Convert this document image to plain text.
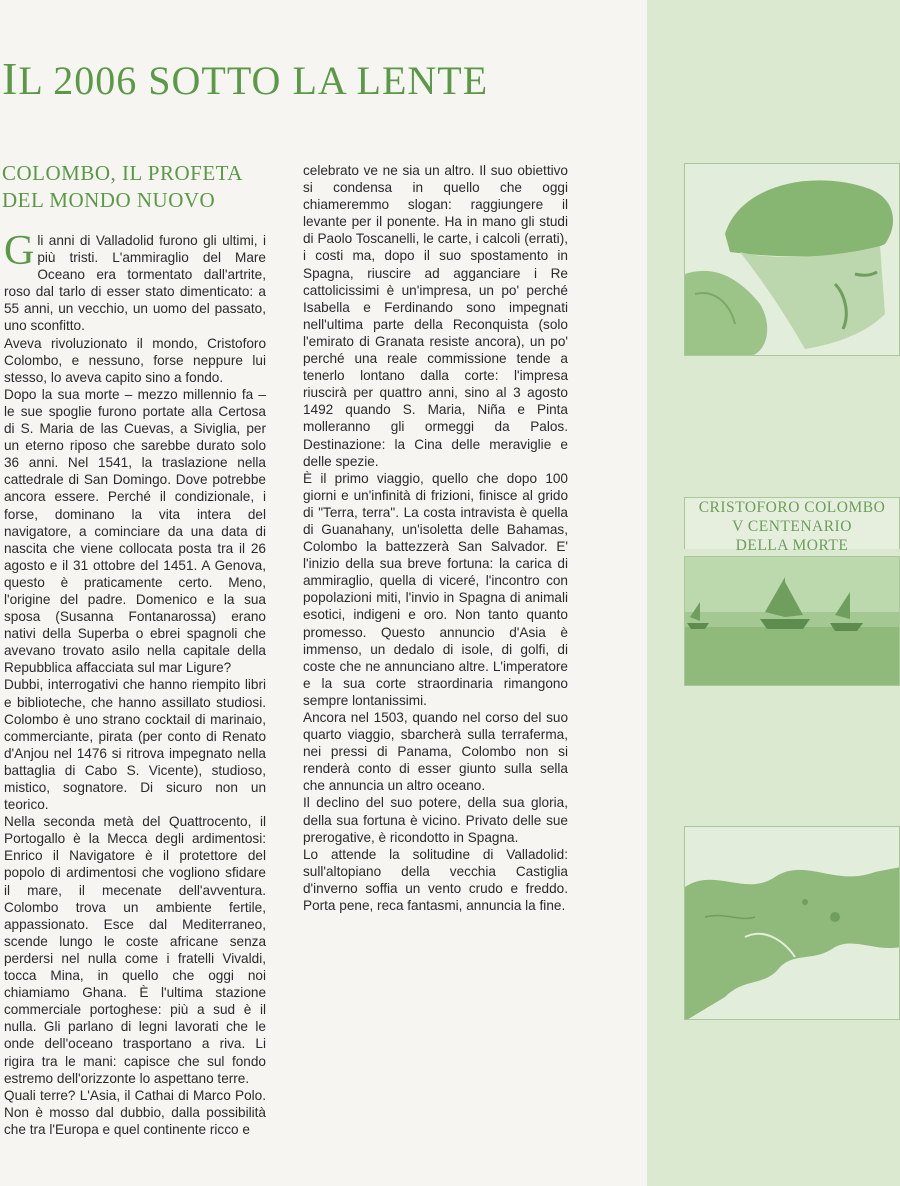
IL 2006 SOTTO LA LENTE
COLOMBO, IL PROFETA
DEL MONDO NUOVO

Gli anni di Valladolid furono gli ultimi, i più tristi. L'ammiraglio del Mare Oceano era tormentato dall'artrite, roso dal tarlo di esser stato dimenticato: a 55 anni, un vecchio, un uomo del passato, uno sconfitto.

Aveva rivoluzionato il mondo, Cristoforo Colombo, e nessuno, forse neppure lui stesso, lo aveva capito sino a fondo.

Dopo la sua morte – mezzo millennio fa – le sue spoglie furono portate alla Certosa di S. Maria de las Cuevas, a Siviglia, per un eterno riposo che sarebbe durato solo 36 anni. Nel 1541, la traslazione nella cattedrale di San Domingo. Dove potrebbe ancora essere. Perché il condizionale, i forse, dominano la vita intera del navigatore, a cominciare da una data di nascita che viene collocata posta tra il 26 agosto e il 31 ottobre del 1451. A Genova, questo è praticamente certo. Meno, l'origine del padre. Domenico e la sua sposa (Susanna Fontanarossa) erano nativi della Superba o ebrei spagnoli che avevano trovato asilo nella capitale della Repubblica affacciata sul mar Ligure?

Dubbi, interrogativi che hanno riempito libri e biblioteche, che hanno assillato studiosi. Colombo è uno strano cocktail di marinaio, commerciante, pirata (per conto di Renato d'Anjou nel 1476 si ritrova impegnato nella battaglia di Cabo S. Vicente), studioso, mistico, sognatore. Di sicuro non un teorico.

Nella seconda metà del Quattrocento, il Portogallo è la Mecca degli ardimentosi: Enrico il Navigatore è il protettore del popolo di ardimentosi che vogliono sfidare il mare, il mecenate dell'avventura. Colombo trova un ambiente fertile, appassionato. Esce dal Mediterraneo, scende lungo le coste africane senza perdersi nel nulla come i fratelli Vivaldi, tocca Mina, in quello che oggi noi chiamiamo Ghana. È l'ultima stazione commerciale portoghese: più a sud è il nulla. Gli parlano di legni lavorati che le onde dell'oceano trasportano a riva. Li rigira tra le mani: capisce che sul fondo estremo dell'orizzonte lo aspettano terre.

Quali terre? L'Asia, il Cathai di Marco Polo. Non è mosso dal dubbio, dalla possibilità che tra l'Europa e quel continente ricco e

celebrato ve ne sia un altro. Il suo obiettivo si condensa in quello che oggi chiameremmo slogan: raggiungere il levante per il ponente. Ha in mano gli studi di Paolo Toscanelli, le carte, i calcoli (errati), i costi ma, dopo il suo spostamento in Spagna, riuscire ad agganciare i Re cattolicissimi è un'impresa, un po' perché Isabella e Ferdinando sono impegnati nell'ultima parte della Reconquista (solo l'emirato di Granata resiste ancora), un po' perché una reale commissione tende a tenerlo lontano dalla corte: l'impresa riuscirà per quattro anni, sino al 3 agosto 1492 quando S. Maria, Niña e Pinta molleranno gli ormeggi da Palos. Destinazione: la Cina delle meraviglie e delle spezie.

È il primo viaggio, quello che dopo 100 giorni e un'infinità di frizioni, finisce al grido di "Terra, terra". La costa intravista è quella di Guanahany, un'isoletta delle Bahamas, Colombo la battezzerà San Salvador. E' l'inizio della sua breve fortuna: la carica di ammiraglio, quella di viceré, l'incontro con popolazioni miti, l'invio in Spagna di animali esotici, indigeni e oro. Non tanto quanto promesso. Questo annuncio d'Asia è immenso, un dedalo di isole, di golfi, di coste che ne annunciano altre. L'imperatore e la sua corte straordinaria rimangono sempre lontanissimi.

Ancora nel 1503, quando nel corso del suo quarto viaggio, sbarcherà sulla terraferma, nei pressi di Panama, Colombo non si renderà conto di esser giunto sulla sella che annuncia un altro oceano.

Il declino del suo potere, della sua gloria, della sua fortuna è vicino. Privato delle sue prerogative, è ricondotto in Spagna.

Lo attende la solitudine di Valladolid: sull'altopiano della vecchia Castiglia d'inverno soffia un vento crudo e freddo. Porta pene, reca fantasmi, annuncia la fine.

CRISTOFORO COLOMBO
V CENTENARIO
DELLA MORTE
